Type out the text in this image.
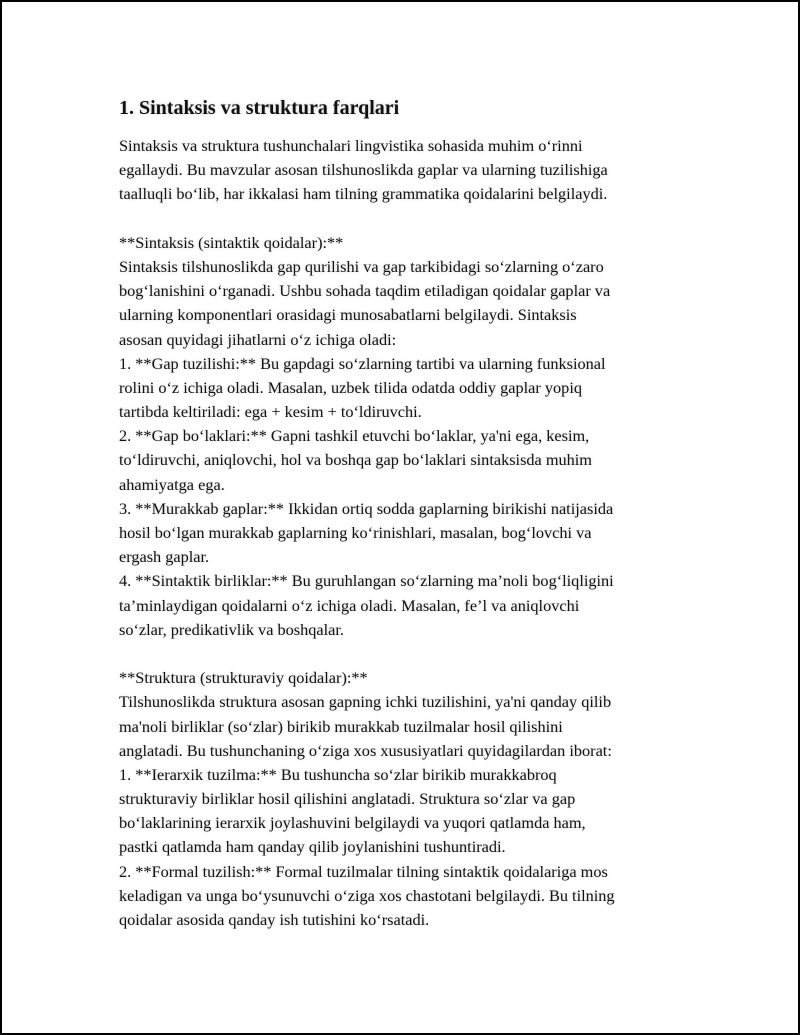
1. Sintaksis va struktura farqlari
Sintaksis va struktura tushunchalari lingvistika sohasida muhim o‘rinni
egallaydi. Bu mavzular asosan tilshunoslikda gaplar va ularning tuzilishiga
taalluqli bo‘lib, har ikkalasi ham tilning grammatika qoidalarini belgilaydi.
**Sintaksis (sintaktik qoidalar):**
Sintaksis tilshunoslikda gap qurilishi va gap tarkibidagi so‘zlarning o‘zaro
bog‘lanishini o‘rganadi. Ushbu sohada taqdim etiladigan qoidalar gaplar va
ularning komponentlari orasidagi munosabatlarni belgilaydi. Sintaksis
asosan quyidagi jihatlarni o‘z ichiga oladi:
1. **Gap tuzilishi:** Bu gapdagi so‘zlarning tartibi va ularning funksional
rolini o‘z ichiga oladi. Masalan, uzbek tilida odatda oddiy gaplar yopiq
tartibda keltiriladi: ega + kesim + to‘ldiruvchi.
2. **Gap bo‘laklari:** Gapni tashkil etuvchi bo‘laklar, ya'ni ega, kesim,
to‘ldiruvchi, aniqlovchi, hol va boshqa gap bo‘laklari sintaksisda muhim
ahamiyatga ega.
3. **Murakkab gaplar:** Ikkidan ortiq sodda gaplarning birikishi natijasida
hosil bo‘lgan murakkab gaplarning ko‘rinishlari, masalan, bog‘lovchi va
ergash gaplar.
4. **Sintaktik birliklar:** Bu guruhlangan so‘zlarning ma’noli bog‘liqligini
ta’minlaydigan qoidalarni o‘z ichiga oladi. Masalan, fe’l va aniqlovchi
so‘zlar, predikativlik va boshqalar.
**Struktura (strukturaviy qoidalar):**
Tilshunoslikda struktura asosan gapning ichki tuzilishini, ya'ni qanday qilib
ma'noli birliklar (so‘zlar) birikib murakkab tuzilmalar hosil qilishini
anglatadi. Bu tushunchaning o‘ziga xos xususiyatlari quyidagilardan iborat:
1. **Ierarxik tuzilma:** Bu tushuncha so‘zlar birikib murakkabroq
strukturaviy birliklar hosil qilishini anglatadi. Struktura so‘zlar va gap
bo‘laklarining ierarxik joylashuvini belgilaydi va yuqori qatlamda ham,
pastki qatlamda ham qanday qilib joylanishini tushuntiradi.
2. **Formal tuzilish:** Formal tuzilmalar tilning sintaktik qoidalariga mos
keladigan va unga bo‘ysunuvchi o‘ziga xos chastotani belgilaydi. Bu tilning
qoidalar asosida qanday ish tutishini ko‘rsatadi.
